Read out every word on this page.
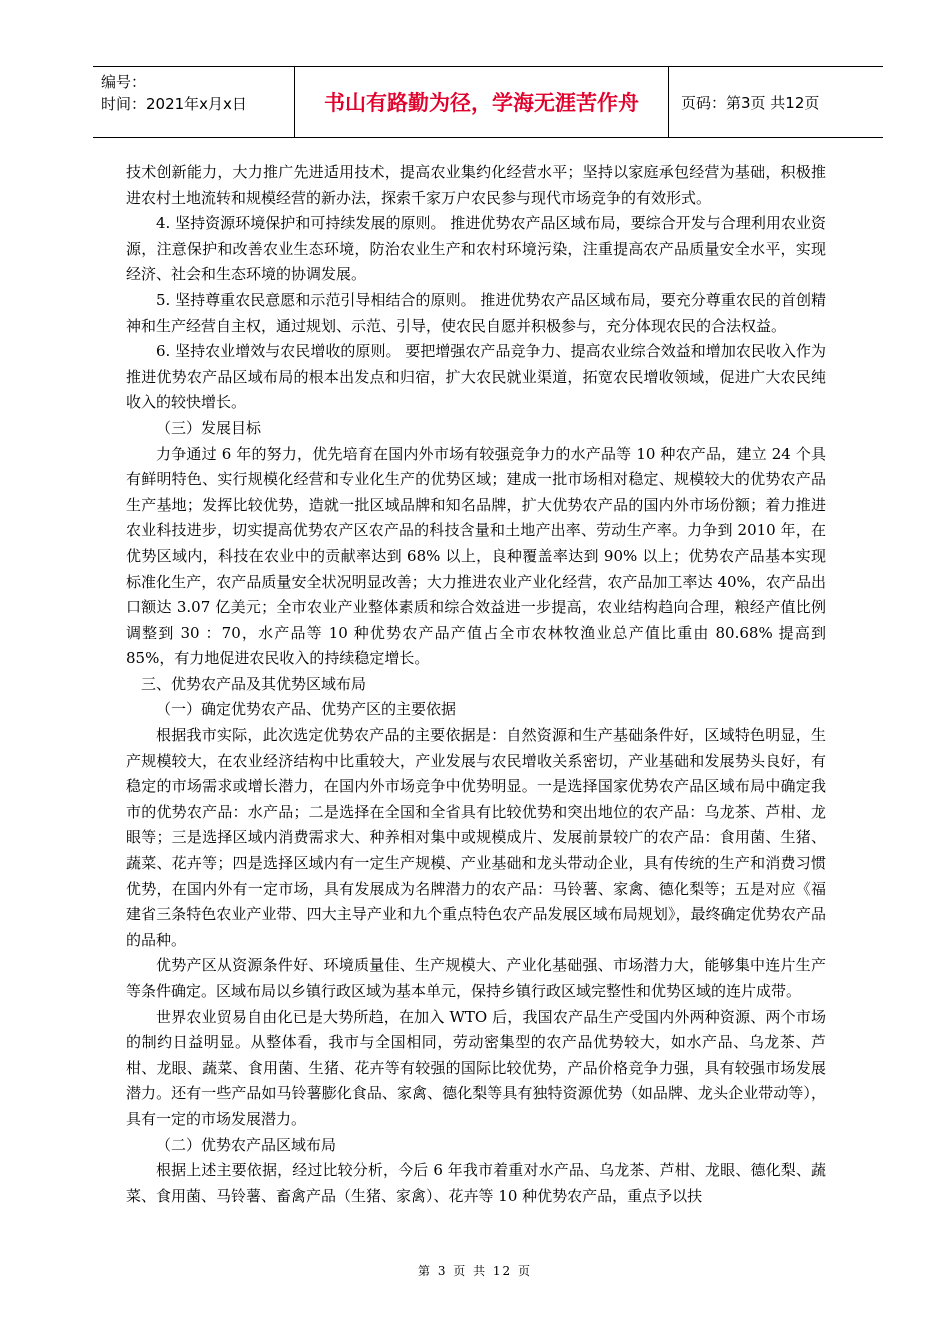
编号：
时间：2021年x月x日	书山有路勤为径，学海无涯苦作舟	页码：第3页 共12页

技术创新能力，大力推广先进适用技术，提高农业集约化经营水平；坚持以家庭承包经营为基础，积极推进农村土地流转和规模经营的新办法，探索千家万户农民参与现代市场竞争的有效形式。

4. 坚持资源环境保护和可持续发展的原则。 推进优势农产品区域布局，要综合开发与合理利用农业资源，注意保护和改善农业生态环境，防治农业生产和农村环境污染，注重提高农产品质量安全水平，实现经济、社会和生态环境的协调发展。

5. 坚持尊重农民意愿和示范引导相结合的原则。 推进优势农产品区域布局，要充分尊重农民的首创精神和生产经营自主权，通过规划、示范、引导，使农民自愿并积极参与，充分体现农民的合法权益。

6. 坚持农业增效与农民增收的原则。 要把增强农产品竞争力、提高农业综合效益和增加农民收入作为推进优势农产品区域布局的根本出发点和归宿，扩大农民就业渠道，拓宽农民增收领域，促进广大农民纯收入的较快增长。

（三）发展目标

力争通过 6 年的努力，优先培育在国内外市场有较强竞争力的水产品等 10 种农产品，建立 24 个具有鲜明特色、实行规模化经营和专业化生产的优势区域；建成一批市场相对稳定、规模较大的优势农产品生产基地；发挥比较优势，造就一批区域品牌和知名品牌，扩大优势农产品的国内外市场份额；着力推进农业科技进步，切实提高优势农产区农产品的科技含量和土地产出率、劳动生产率。力争到 2010 年，在优势区域内，科技在农业中的贡献率达到 68% 以上，良种覆盖率达到 90% 以上；优势农产品基本实现标准化生产，农产品质量安全状况明显改善；大力推进农业产业化经营，农产品加工率达 40%，农产品出口额达 3.07 亿美元；全市农业产业整体素质和综合效益进一步提高，农业结构趋向合理，粮经产值比例调整到 30 ：70，水产品等 10 种优势农产品产值占全市农林牧渔业总产值比重由 80.68% 提高到 85%，有力地促进农民收入的持续稳定增长。

三、优势农产品及其优势区域布局

（一）确定优势农产品、优势产区的主要依据

根据我市实际，此次选定优势农产品的主要依据是：自然资源和生产基础条件好，区域特色明显，生产规模较大，在农业经济结构中比重较大，产业发展与农民增收关系密切，产业基础和发展势头良好，有稳定的市场需求或增长潜力，在国内外市场竞争中优势明显。一是选择国家优势农产品区域布局中确定我市的优势农产品：水产品；二是选择在全国和全省具有比较优势和突出地位的农产品：乌龙茶、芦柑、龙眼等；三是选择区域内消费需求大、种养相对集中或规模成片、发展前景较广的农产品：食用菌、生猪、蔬菜、花卉等；四是选择区域内有一定生产规模、产业基础和龙头带动企业，具有传统的生产和消费习惯优势，在国内外有一定市场，具有发展成为名牌潜力的农产品：马铃薯、家禽、德化梨等；五是对应《福建省三条特色农业产业带、四大主导产业和九个重点特色农产品发展区域布局规划》，最终确定优势农产品的品种。

优势产区从资源条件好、环境质量佳、生产规模大、产业化基础强、市场潜力大，能够集中连片生产等条件确定。区域布局以乡镇行政区域为基本单元，保持乡镇行政区域完整性和优势区域的连片成带。

世界农业贸易自由化已是大势所趋，在加入 WTO 后，我国农产品生产受国内外两种资源、两个市场的制约日益明显。从整体看，我市与全国相同，劳动密集型的农产品优势较大，如水产品、乌龙茶、芦柑、龙眼、蔬菜、食用菌、生猪、花卉等有较强的国际比较优势，产品价格竞争力强，具有较强市场发展潜力。还有一些产品如马铃薯膨化食品、家禽、德化梨等具有独特资源优势（如品牌、龙头企业带动等），具有一定的市场发展潜力。

（二）优势农产品区域布局

根据上述主要依据，经过比较分析，今后 6 年我市着重对水产品、乌龙茶、芦柑、龙眼、德化梨、蔬菜、食用菌、马铃薯、畜禽产品（生猪、家禽）、花卉等 10 种优势农产品，重点予以扶

第 3 页 共 12 页
